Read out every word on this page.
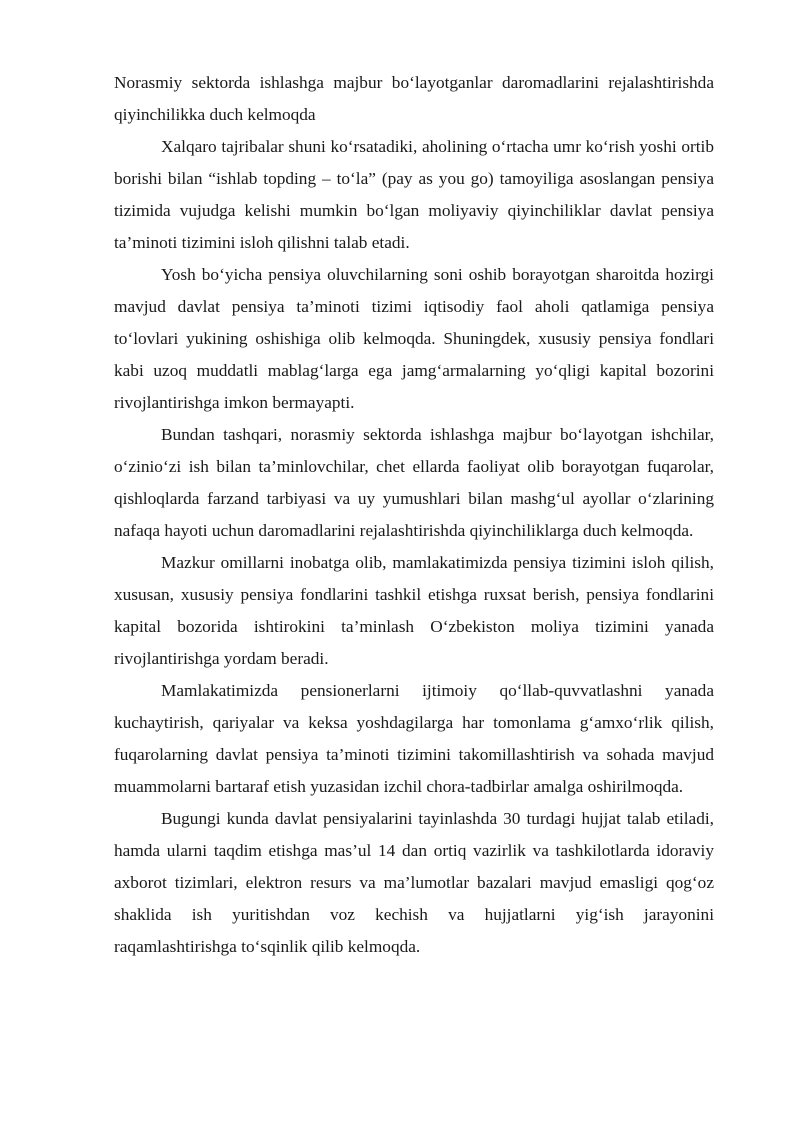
Norasmiy sektorda ishlashga majbur bo‘layotganlar daromadlarini rejalashtirishda qiyinchilikka duch kelmoqda

Xalqaro tajribalar shuni ko‘rsatadiki, aholining o‘rtacha umr ko‘rish yoshi ortib borishi bilan “ishlab topding – to‘la” (pay as you go) tamoyiliga asoslangan pensiya tizimida vujudga kelishi mumkin bo‘lgan moliyaviy qiyinchiliklar davlat pensiya ta’minoti tizimini isloh qilishni talab etadi.

Yosh bo‘yicha pensiya oluvchilarning soni oshib borayotgan sharoitda hozirgi mavjud davlat pensiya ta’minoti tizimi iqtisodiy faol aholi qatlamiga pensiya to‘lovlari yukining oshishiga olib kelmoqda. Shuningdek, xususiy pensiya fondlari kabi uzoq muddatli mablag‘larga ega jamg‘armalarning yo‘qligi kapital bozorini rivojlantirishga imkon bermayapti.

Bundan tashqari, norasmiy sektorda ishlashga majbur bo‘layotgan ishchilar, o‘zinio‘zi ish bilan ta’minlovchilar, chet ellarda faoliyat olib borayotgan fuqarolar, qishloqlarda farzand tarbiyasi va uy yumushlari bilan mashg‘ul ayollar o‘zlarining nafaqa hayoti uchun daromadlarini rejalashtirishda qiyinchiliklarga duch kelmoqda.

Mazkur omillarni inobatga olib, mamlakatimizda pensiya tizimini isloh qilish, xususan, xususiy pensiya fondlarini tashkil etishga ruxsat berish, pensiya fondlarini kapital bozorida ishtirokini ta’minlash O‘zbekiston moliya tizimini yanada rivojlantirishga yordam beradi.

Mamlakatimizda pensionerlarni ijtimoiy qo‘llab-quvvatlashni yanada kuchaytirish, qariyalar va keksa yoshdagilarga har tomonlama g‘amxo‘rlik qilish, fuqarolarning davlat pensiya ta’minoti tizimini takomillashtirish va sohada mavjud muammolarni bartaraf etish yuzasidan izchil chora-tadbirlar amalga oshirilmoqda.

Bugungi kunda davlat pensiyalarini tayinlashda 30 turdagi hujjat talab etiladi, hamda ularni taqdim etishga mas’ul 14 dan ortiq vazirlik va tashkilotlarda idoraviy axborot tizimlari, elektron resurs va ma’lumotlar bazalari mavjud emasligi qog‘oz shaklida ish yuritishdan voz kechish va hujjatlarni yig‘ish jarayonini raqamlashtirishga to‘sqinlik qilib kelmoqda.
